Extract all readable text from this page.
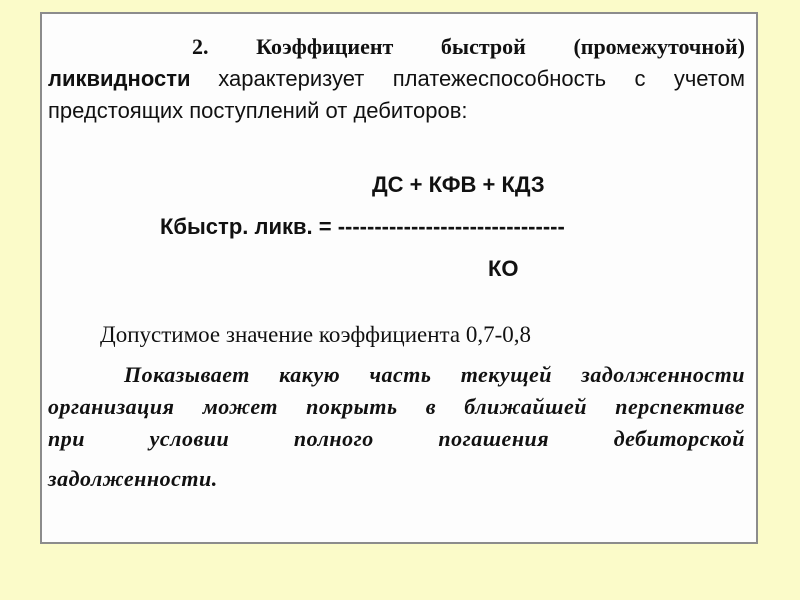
2. Коэффициент быстрой (промежуточной)
ликвидности характеризует платежеспособность с учетом
предстоящих поступлений от дебиторов:
ДС + КФВ + КДЗ
Кбыстр. ликв. = -------------------------------
КО
Допустимое значение коэффициента 0,7-0,8
Показывает какую часть текущей задолженности
организация может покрыть в ближайшей перспективе
при условии полного погашения дебиторской
задолженности.
